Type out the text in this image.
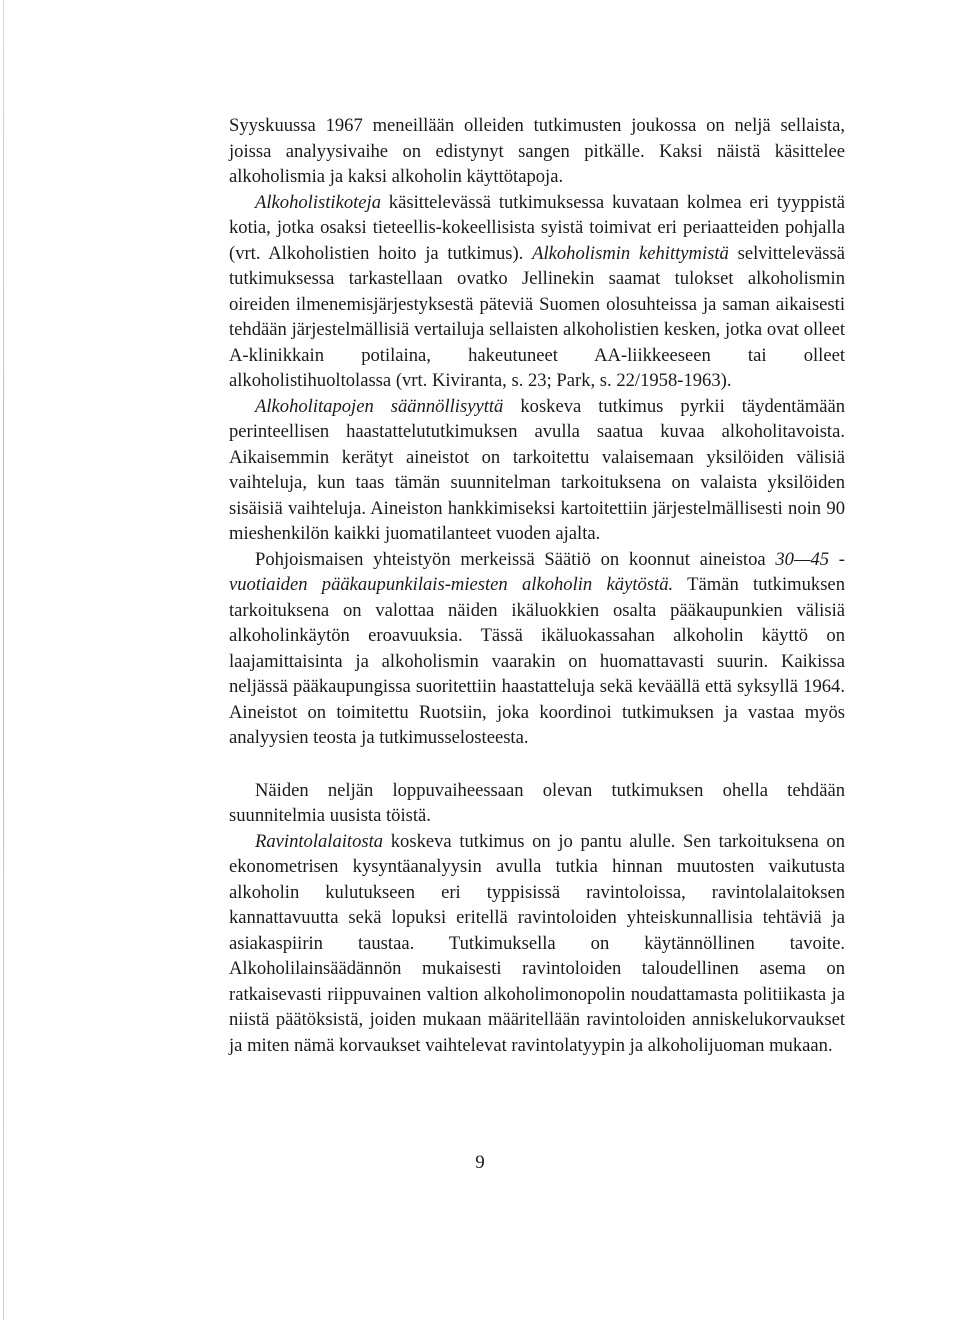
Syyskuussa 1967 meneillään olleiden tutkimusten joukossa on neljä sellaista, joissa analyysivaihe on edistynyt sangen pitkälle. Kaksi näistä käsittelee alkoholismia ja kaksi alkoholin käyttötapoja.

Alkoholistikoteja käsittelevässä tutkimuksessa kuvataan kolmea eri tyyppistä kotia, jotka osaksi tieteellis-kokeellisista syistä toimivat eri periaatteiden pohjalla (vrt. Alkoholistien hoito ja tutkimus). Alkoholismin kehittymistä selvittelevässä tutkimuksessa tarkastellaan ovatko Jellinekin saamat tulokset alkoholismin oireiden ilmenemisjärjestyksestä päteviä Suomen olosuhteissa ja saman aikaisesti tehdään järjestelmällisiä vertailuja sellaisten alkoholistien kesken, jotka ovat olleet A-klinikkain potilaina, hakeutuneet AA-liikkeeseen tai olleet alkoholistihuoltolassa (vrt. Kiviranta, s. 23; Park, s. 22/1958-1963).

Alkoholitapojen säännöllisyyttä koskeva tutkimus pyrkii täydentämään perinteellisen haastattelututkimuksen avulla saatua kuvaa alkoholitavoista. Aikaisemmin kerätyt aineistot on tarkoitettu valaisemaan yksilöiden välisiä vaihteluja, kun taas tämän suunnitelman tarkoituksena on valaista yksilöiden sisäisiä vaihteluja. Aineiston hankkimiseksi kartoitettiin järjestelmällisesti noin 90 mieshenkilön kaikki juomatilanteet vuoden ajalta.

Pohjoismaisen yhteistyön merkeissä Säätiö on koonnut aineistoa 30—45 -vuotiaiden pääkaupunkilais-miesten alkoholin käytöstä. Tämän tutkimuksen tarkoituksena on valottaa näiden ikäluokkien osalta pääkaupunkien välisiä alkoholinkäytön eroavuuksia. Tässä ikäluokassahan alkoholin käyttö on laajamittaisinta ja alkoholismin vaarakin on huomattavasti suurin. Kaikissa neljässä pääkaupungissa suoritettiin haastatteluja sekä keväällä että syksyllä 1964. Aineistot on toimitettu Ruotsiin, joka koordinoi tutkimuksen ja vastaa myös analyysien teosta ja tutkimusselosteesta.

Näiden neljän loppuvaiheessaan olevan tutkimuksen ohella tehdään suunnitelmia uusista töistä.

Ravintolalaitosta koskeva tutkimus on jo pantu alulle. Sen tarkoituksena on ekonometrisen kysyntäanalyysin avulla tutkia hinnan muutosten vaikutusta alkoholin kulutukseen eri typpisissä ravintoloissa, ravintolalaitoksen kannattavuutta sekä lopuksi eritellä ravintoloiden yhteiskunnallisia tehtäviä ja asiakaspiirin taustaa. Tutkimuksella on käytännöllinen tavoite. Alkoholilainsäädännön mukaisesti ravintoloiden taloudellinen asema on ratkaisevasti riippuvainen valtion alkoholimonopolin noudattamasta politiikasta ja niistä päätöksistä, joiden mukaan määritellään ravintoloiden anniskelukorvaukset ja miten nämä korvaukset vaihtelevat ravintolatyypin ja alkoholijuoman mukaan.

9
